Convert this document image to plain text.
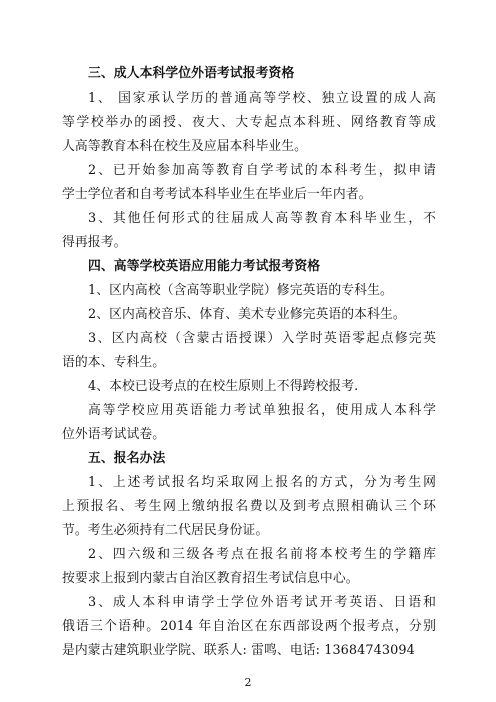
三、成人本科学位外语考试报考资格
1、 国家承认学历的普通高等学校、独立设置的成人高
等学校举办的函授、夜大、大专起点本科班、网络教育等成
人高等教育本科在校生及应届本科毕业生。
2、已开始参加高等教育自学考试的本科考生，拟申请
学士学位者和自考考试本科毕业生在毕业后一年内者。
3、其他任何形式的往届成人高等教育本科毕业生，不
得再报考。
四、高等学校英语应用能力考试报考资格
1、区内高校（含高等职业学院）修完英语的专科生。
2、区内高校音乐、体育、美术专业修完英语的本科生。
3、区内高校（含蒙古语授课）入学时英语零起点修完英
语的本、专科生。
4、本校已设考点的在校生原则上不得跨校报考.
高等学校应用英语能力考试单独报名，使用成人本科学
位外语考试试卷。
五、报名办法
1、上述考试报名均采取网上报名的方式，分为考生网
上预报名、考生网上缴纳报名费以及到考点照相确认三个环
节。考生必须持有二代居民身份证。
2、四六级和三级各考点在报名前将本校考生的学籍库
按要求上报到内蒙古自治区教育招生考试信息中心。
3、成人本科申请学士学位外语考试开考英语、日语和
俄语三个语种。2014 年自治区在东西部设两个报考点，分别
是内蒙古建筑职业学院、联系人: 雷鸣、电话: 13684743094
2
